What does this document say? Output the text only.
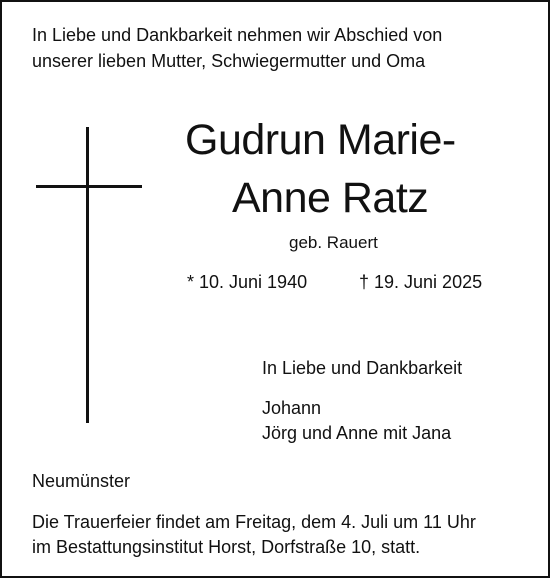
In Liebe und Dankbarkeit nehmen wir Abschied von
unserer lieben Mutter, Schwiegermutter und Oma
Gudrun Marie-
Anne Ratz
geb. Rauert
* 10. Juni 1940	† 19. Juni 2025
In Liebe und Dankbarkeit
Johann
Jörg und Anne mit Jana
Neumünster
Die Trauerfeier findet am Freitag, dem 4. Juli um 11 Uhr
im Bestattungsinstitut Horst, Dorfstraße 10, statt.
